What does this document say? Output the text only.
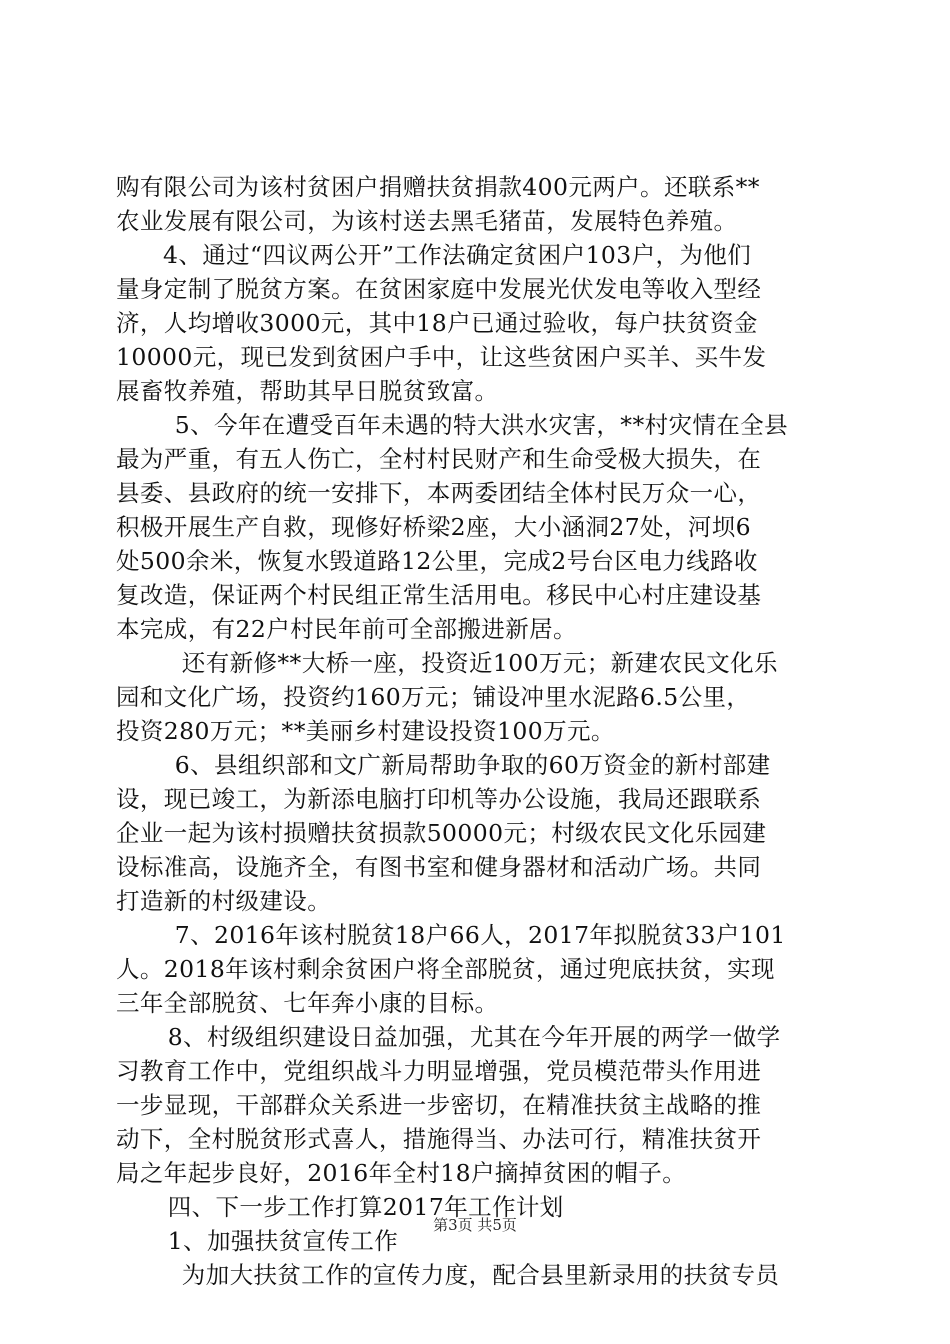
购有限公司为该村贫困户捐赠扶贫捐款400元两户。还联系**
农业发展有限公司，为该村送去黑毛猪苗，发展特色养殖。
4、通过“四议两公开”工作法确定贫困户103户，为他们
量身定制了脱贫方案。在贫困家庭中发展光伏发电等收入型经
济，人均增收3000元，其中18户已通过验收，每户扶贫资金
10000元，现已发到贫困户手中，让这些贫困户买羊、买牛发
展畜牧养殖，帮助其早日脱贫致富。
5、今年在遭受百年未遇的特大洪水灾害，**村灾情在全县
最为严重，有五人伤亡，全村村民财产和生命受极大损失，在
县委、县政府的统一安排下，本两委团结全体村民万众一心，
积极开展生产自救，现修好桥梁2座，大小涵洞27处，河坝6
处500余米，恢复水毁道路12公里，完成2号台区电力线路收
复改造，保证两个村民组正常生活用电。移民中心村庄建设基
本完成，有22户村民年前可全部搬进新居。
还有新修**大桥一座，投资近100万元；新建农民文化乐
园和文化广场，投资约160万元；铺设冲里水泥路6.5公里，
投资280万元；**美丽乡村建设投资100万元。
6、县组织部和文广新局帮助争取的60万资金的新村部建
设，现已竣工，为新添电脑打印机等办公设施，我局还跟联系
企业一起为该村损赠扶贫损款50000元；村级农民文化乐园建
设标准高，设施齐全，有图书室和健身器材和活动广场。共同
打造新的村级建设。
7、2016年该村脱贫18户66人，2017年拟脱贫33户101
人。2018年该村剩余贫困户将全部脱贫，通过兜底扶贫，实现
三年全部脱贫、七年奔小康的目标。
8、村级组织建设日益加强，尤其在今年开展的两学一做学
习教育工作中，党组织战斗力明显增强，党员模范带头作用进
一步显现，干部群众关系进一步密切，在精准扶贫主战略的推
动下，全村脱贫形式喜人，措施得当、办法可行，精准扶贫开
局之年起步良好，2016年全村18户摘掉贫困的帽子。
四、下一步工作打算2017年工作计划
1、加强扶贫宣传工作
为加大扶贫工作的宣传力度，配合县里新录用的扶贫专员
第3页 共5页
